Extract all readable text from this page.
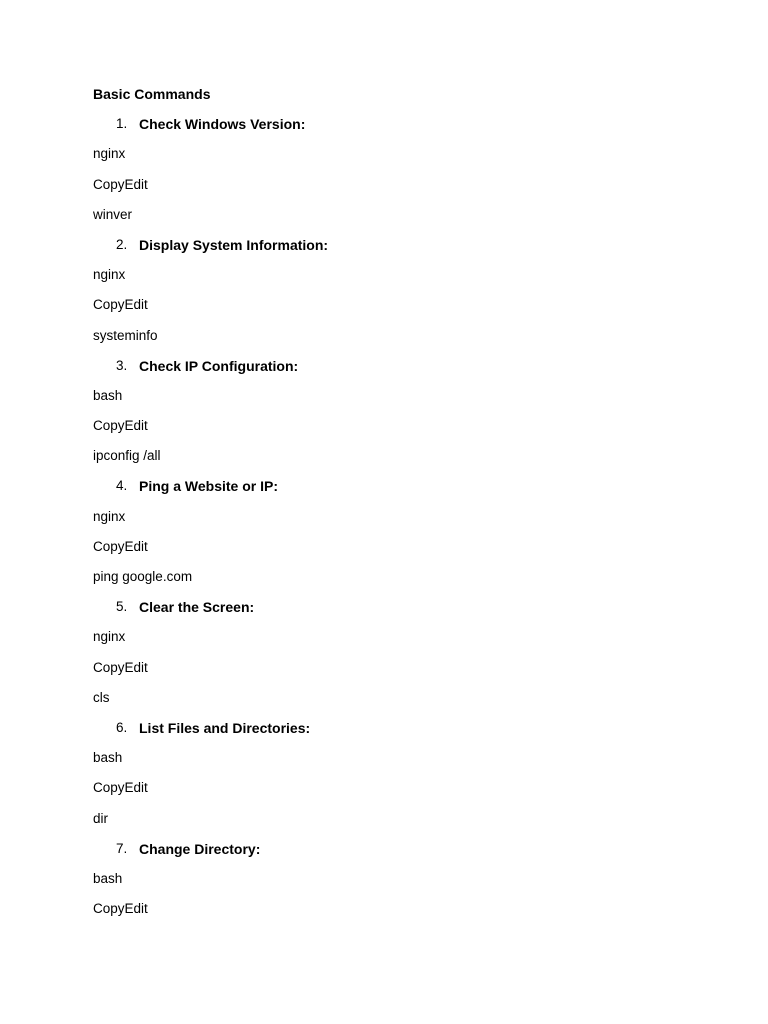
Basic Commands
1. Check Windows Version:
nginx
CopyEdit
winver
2. Display System Information:
nginx
CopyEdit
systeminfo
3. Check IP Configuration:
bash
CopyEdit
ipconfig /all
4. Ping a Website or IP:
nginx
CopyEdit
ping google.com
5. Clear the Screen:
nginx
CopyEdit
cls
6. List Files and Directories:
bash
CopyEdit
dir
7. Change Directory:
bash
CopyEdit
